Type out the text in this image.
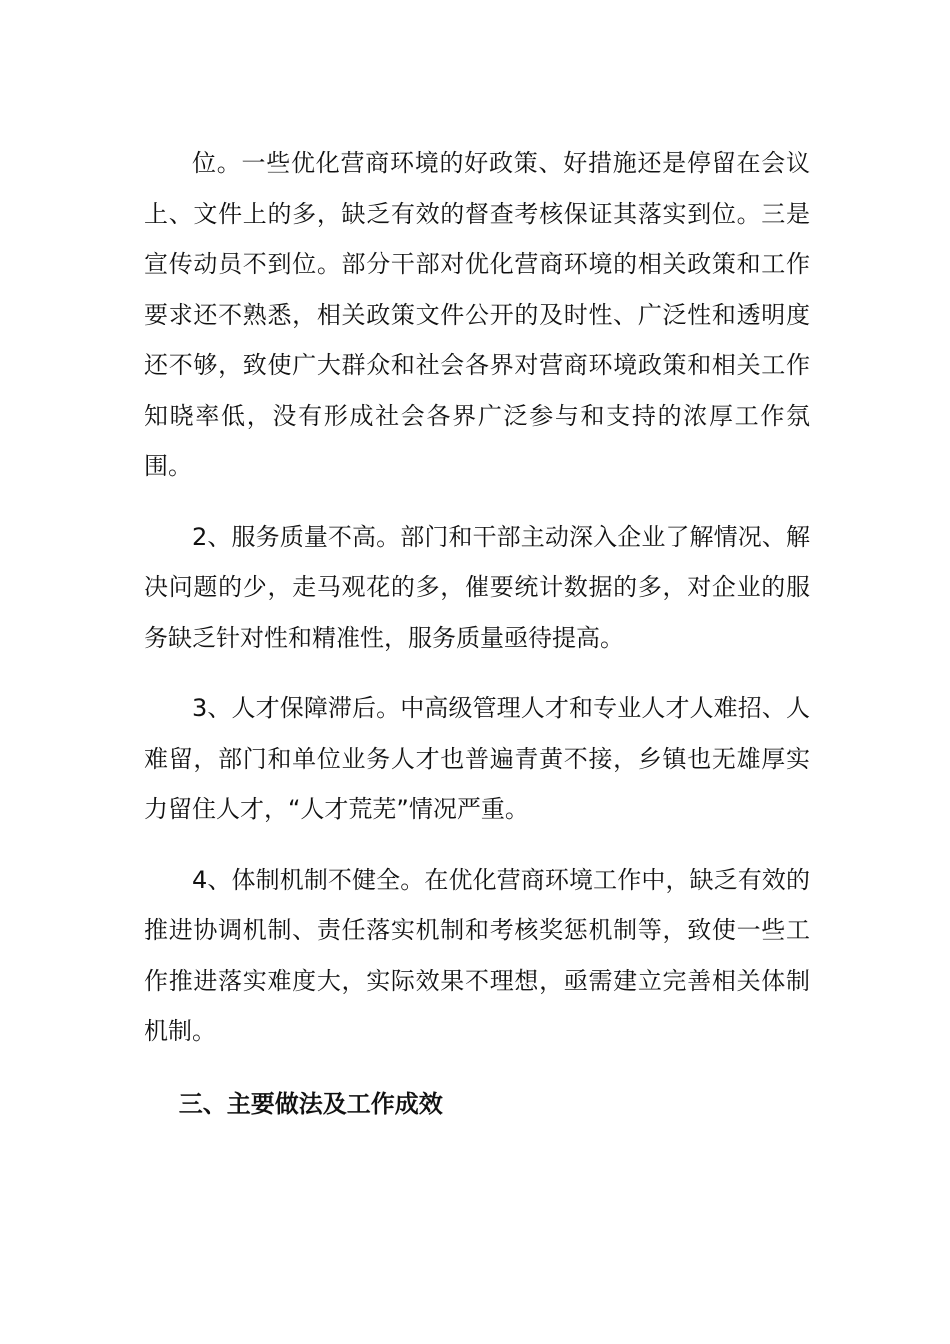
位。一些优化营商环境的好政策、好措施还是停留在会议上、文件上的多，缺乏有效的督查考核保证其落实到位。三是宣传动员不到位。部分干部对优化营商环境的相关政策和工作要求还不熟悉，相关政策文件公开的及时性、广泛性和透明度还不够，致使广大群众和社会各界对营商环境政策和相关工作知晓率低，没有形成社会各界广泛参与和支持的浓厚工作氛围。

2、服务质量不高。部门和干部主动深入企业了解情况、解决问题的少，走马观花的多，催要统计数据的多，对企业的服务缺乏针对性和精准性，服务质量亟待提高。

3、人才保障滞后。中高级管理人才和专业人才人难招、人难留，部门和单位业务人才也普遍青黄不接，乡镇也无雄厚实力留住人才，“人才荒芜”情况严重。

4、体制机制不健全。在优化营商环境工作中，缺乏有效的推进协调机制、责任落实机制和考核奖惩机制等，致使一些工作推进落实难度大，实际效果不理想，亟需建立完善相关体制机制。

三、主要做法及工作成效
